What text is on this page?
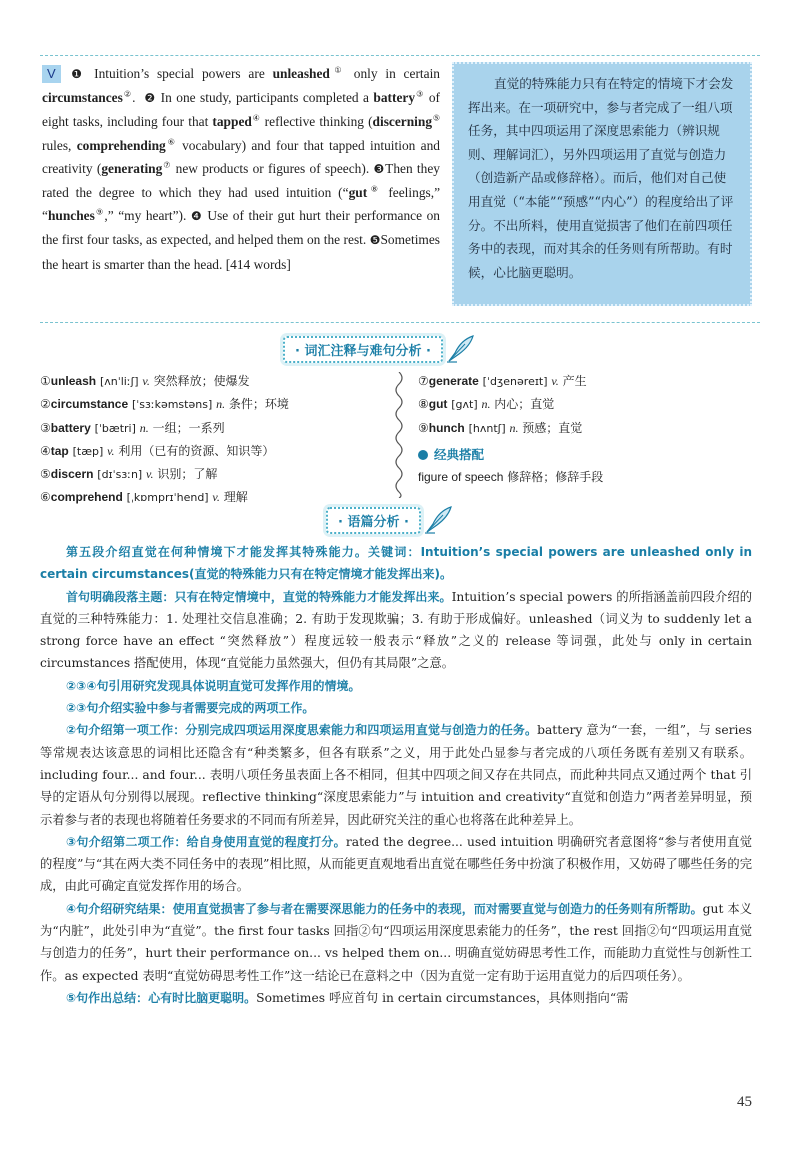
V ❶ Intuition’s special powers are unleashed① only in certain circumstances②. ❷ In one study, participants completed a battery③ of eight tasks, including four that tapped④ reflective thinking (discerning⑤ rules, comprehending⑥ vocabulary) and four that tapped intuition and creativity (generating⑦ new products or figures of speech). ❸Then they rated the degree to which they had used intuition (“gut⑧ feelings,” “hunches⑨,” “my heart”). ❹ Use of their gut hurt their performance on the first four tasks, as expected, and helped them on the rest. ❺Sometimes the heart is smarter than the head. [414 words]
直觉的特殊能力只有在特定的情境下才会发挥出来。在一项研究中，参与者完成了一组八项任务，其中四项运用了深度思索能力（辨识规则、理解词汇），另外四项运用了直觉与创造力（创造新产品或修辞格）。而后，他们对自己使用直觉（“本能”“预感”“内心”）的程度给出了评分。不出所料，使用直觉损害了他们在前四项任务中的表现，而对其余的任务则有所帮助。有时候，心比脑更聪明。
· 词汇注释与难句分析 ·
①unleash [ʌnˈliːʃ] v. 突然释放；使爆发
②circumstance [ˈsɜːkəmstəns] n. 条件；环境
③battery [ˈbætri] n. 一组；一系列
④tap [tæp] v. 利用（已有的资源、知识等）
⑤discern [dɪˈsɜːn] v. 识别；了解
⑥comprehend [ˌkɒmprɪˈhend] v. 理解
⑦generate [ˈdʒenəreɪt] v. 产生
⑧gut [gʌt] n. 内心；直觉
⑨hunch [hʌntʃ] n. 预感；直觉
经典搭配
figure of speech 修辞格；修辞手段
· 语篇分析 ·

第五段介绍直觉在何种情境下才能发挥其特殊能力。关键词：Intuition’s special powers are unleashed only in certain circumstances(直觉的特殊能力只有在特定情境才能发挥出来)。

首句明确段落主题：只有在特定情境中，直觉的特殊能力才能发挥出来。Intuition’s special powers 的所指涵盖前四段介绍的直觉的三种特殊能力：1. 处理社交信息准确；2. 有助于发现欺骗；3. 有助于形成偏好。unleashed（词义为 to suddenly let a strong force have an effect “突然释放”）程度远较一般表示“释放”之义的 release 等词强，此处与 only in certain circumstances 搭配使用，体现“直觉能力虽然强大，但仍有其局限”之意。

②③④句引用研究发现具体说明直觉可发挥作用的情境。

②③句介绍实验中参与者需要完成的两项工作。

②句介绍第一项工作：分别完成四项运用深度思索能力和四项运用直觉与创造力的任务。battery 意为“一套，一组”，与 series 等常规表达该意思的词相比还隐含有“种类繁多，但各有联系”之义，用于此处凸显参与者完成的八项任务既有差别又有联系。including four... and four... 表明八项任务虽表面上各不相同，但其中四项之间又存在共同点，而此种共同点又通过两个 that 引导的定语从句分别得以展现。reflective thinking“深度思索能力”与 intuition and creativity“直觉和创造力”两者差异明显，预示着参与者的表现也将随着任务要求的不同而有所差异，因此研究关注的重心也将落在此种差异上。

③句介绍第二项工作：给自身使用直觉的程度打分。rated the degree... used intuition 明确研究者意图将“参与者使用直觉的程度”与“其在两大类不同任务中的表现”相比照，从而能更直观地看出直觉在哪些任务中扮演了积极作用，又妨碍了哪些任务的完成，由此可确定直觉发挥作用的场合。

④句介绍研究结果：使用直觉损害了参与者在需要深思能力的任务中的表现，而对需要直觉与创造力的任务则有所帮助。gut 本义为“内脏”，此处引申为“直觉”。the first four tasks 回指②句“四项运用深度思索能力的任务”，the rest 回指②句“四项运用直觉与创造力的任务”，hurt their performance on... vs helped them on... 明确直觉妨碍思考性工作，而能助力直觉性与创新性工作。as expected 表明“直觉妨碍思考性工作”这一结论已在意料之中（因为直觉一定有助于运用直觉力的后四项任务）。

⑤句作出总结：心有时比脑更聪明。Sometimes 呼应首句 in certain circumstances，具体则指向“需

45
